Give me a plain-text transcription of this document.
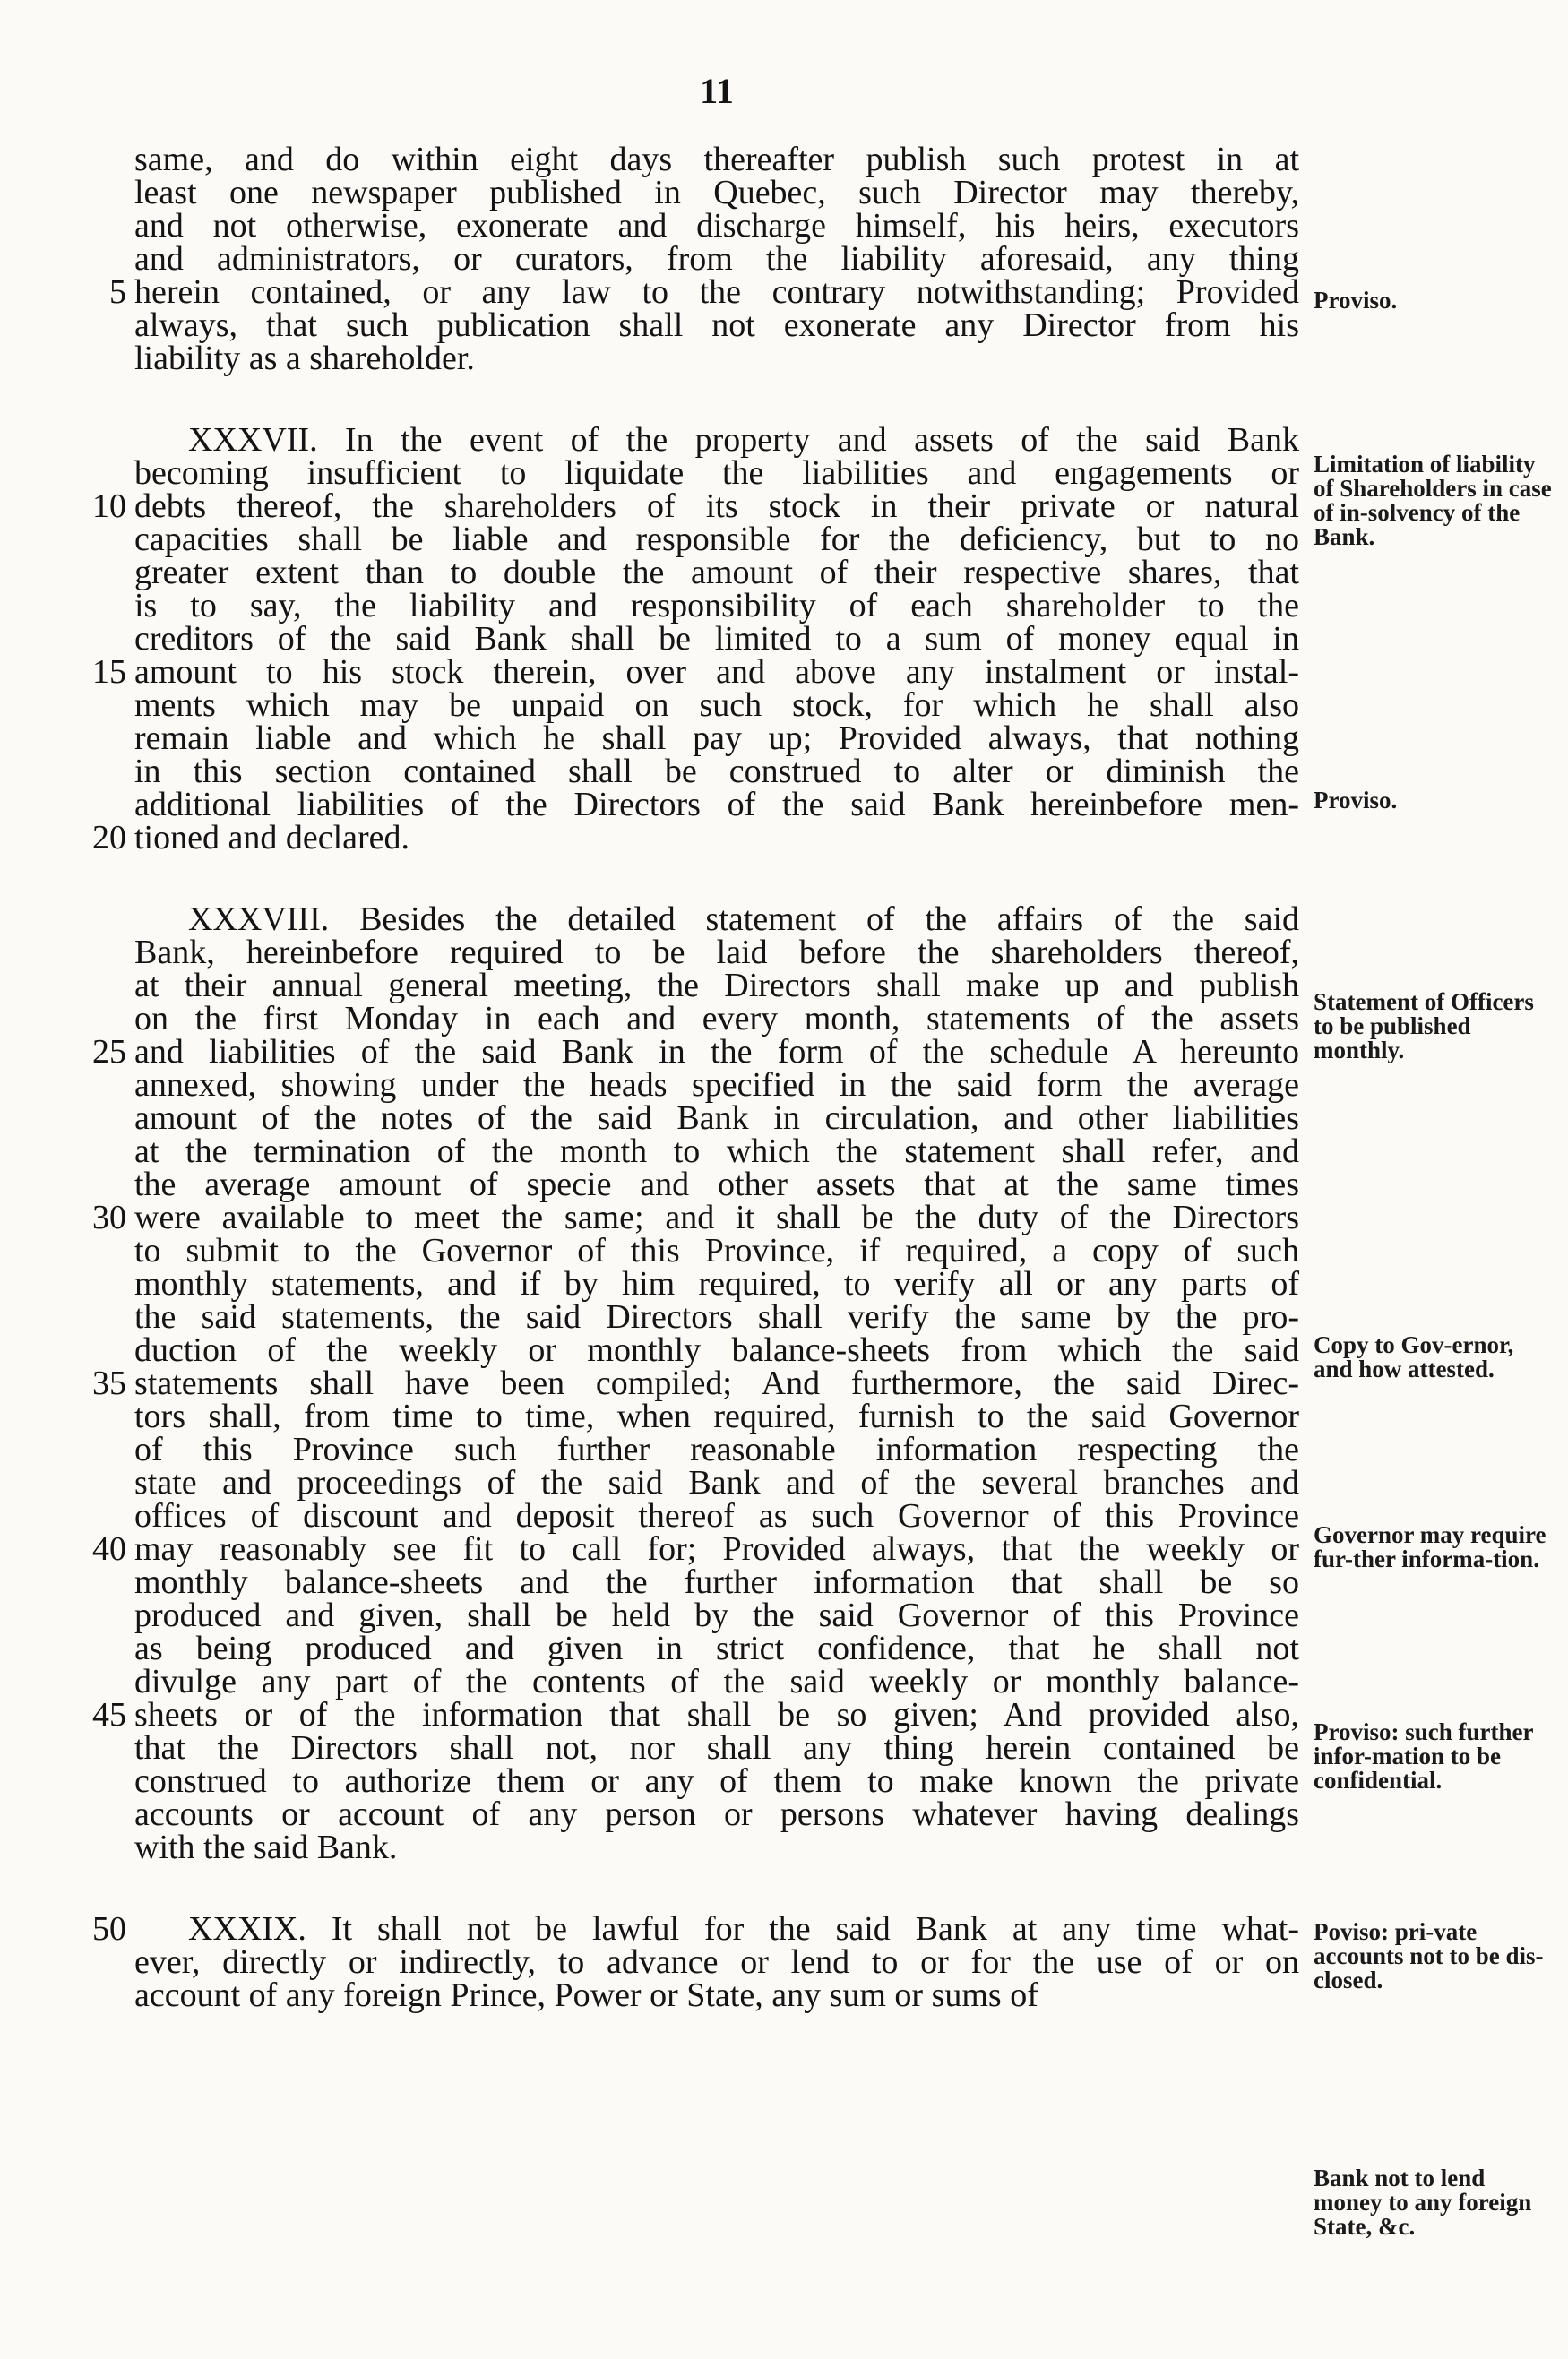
11
same, and do within eight days thereafter publish such protest in at
least one newspaper published in Quebec, such Director may thereby,
and not otherwise, exonerate and discharge himself, his heirs, executors
and administrators, or curators, from the liability aforesaid, any thing
5 herein contained, or any law to the contrary notwithstanding; Provided
always, that such publication shall not exonerate any Director from his
liability as a shareholder.
XXXVII. In the event of the property and assets of the said Bank
becoming insufficient to liquidate the liabilities and engagements or
10 debts thereof, the shareholders of its stock in their private or natural
capacities shall be liable and responsible for the deficiency, but to no
greater extent than to double the amount of their respective shares, that
is to say, the liability and responsibility of each shareholder to the
creditors of the said Bank shall be limited to a sum of money equal in
15 amount to his stock therein, over and above any instalment or instal-
ments which may be unpaid on such stock, for which he shall also
remain liable and which he shall pay up; Provided always, that nothing
in this section contained shall be construed to alter or diminish the
additional liabilities of the Directors of the said Bank hereinbefore men-
20 tioned and declared.
XXXVIII. Besides the detailed statement of the affairs of the said
Bank, hereinbefore required to be laid before the shareholders thereof,
at their annual general meeting, the Directors shall make up and publish
on the first Monday in each and every month, statements of the assets
25 and liabilities of the said Bank in the form of the schedule A hereunto
annexed, showing under the heads specified in the said form the average
amount of the notes of the said Bank in circulation, and other liabilities
at the termination of the month to which the statement shall refer, and
the average amount of specie and other assets that at the same times
30 were available to meet the same; and it shall be the duty of the Directors
to submit to the Governor of this Province, if required, a copy of such
monthly statements, and if by him required, to verify all or any parts of
the said statements, the said Directors shall verify the same by the pro-
duction of the weekly or monthly balance-sheets from which the said
35 statements shall have been compiled; And furthermore, the said Direc-
tors shall, from time to time, when required, furnish to the said Governor
of this Province such further reasonable information respecting the
state and proceedings of the said Bank and of the several branches and
offices of discount and deposit thereof as such Governor of this Province
40 may reasonably see fit to call for; Provided always, that the weekly or
monthly balance-sheets and the further information that shall be so
produced and given, shall be held by the said Governor of this Province
as being produced and given in strict confidence, that he shall not
divulge any part of the contents of the said weekly or monthly balance-
45 sheets or of the information that shall be so given; And provided also,
that the Directors shall not, nor shall any thing herein contained be
construed to authorize them or any of them to make known the private
accounts or account of any person or persons whatever having dealings
with the said Bank.
50 XXXIX. It shall not be lawful for the said Bank at any time what-
ever, directly or indirectly, to advance or lend to or for the use of or on
account of any foreign Prince, Power or State, any sum or sums of
Proviso.
Limitation of liability of Shareholders in case of in-solvency of the Bank.
Proviso.
Statement of Officers to be published monthly.
Copy to Gov-ernor, and how attested.
Governor may require fur-ther informa-tion.
Proviso: such further infor-mation to be confidential.
Poviso: pri-vate accounts not to be dis-closed.
Bank not to lend money to any foreign State, &c.
